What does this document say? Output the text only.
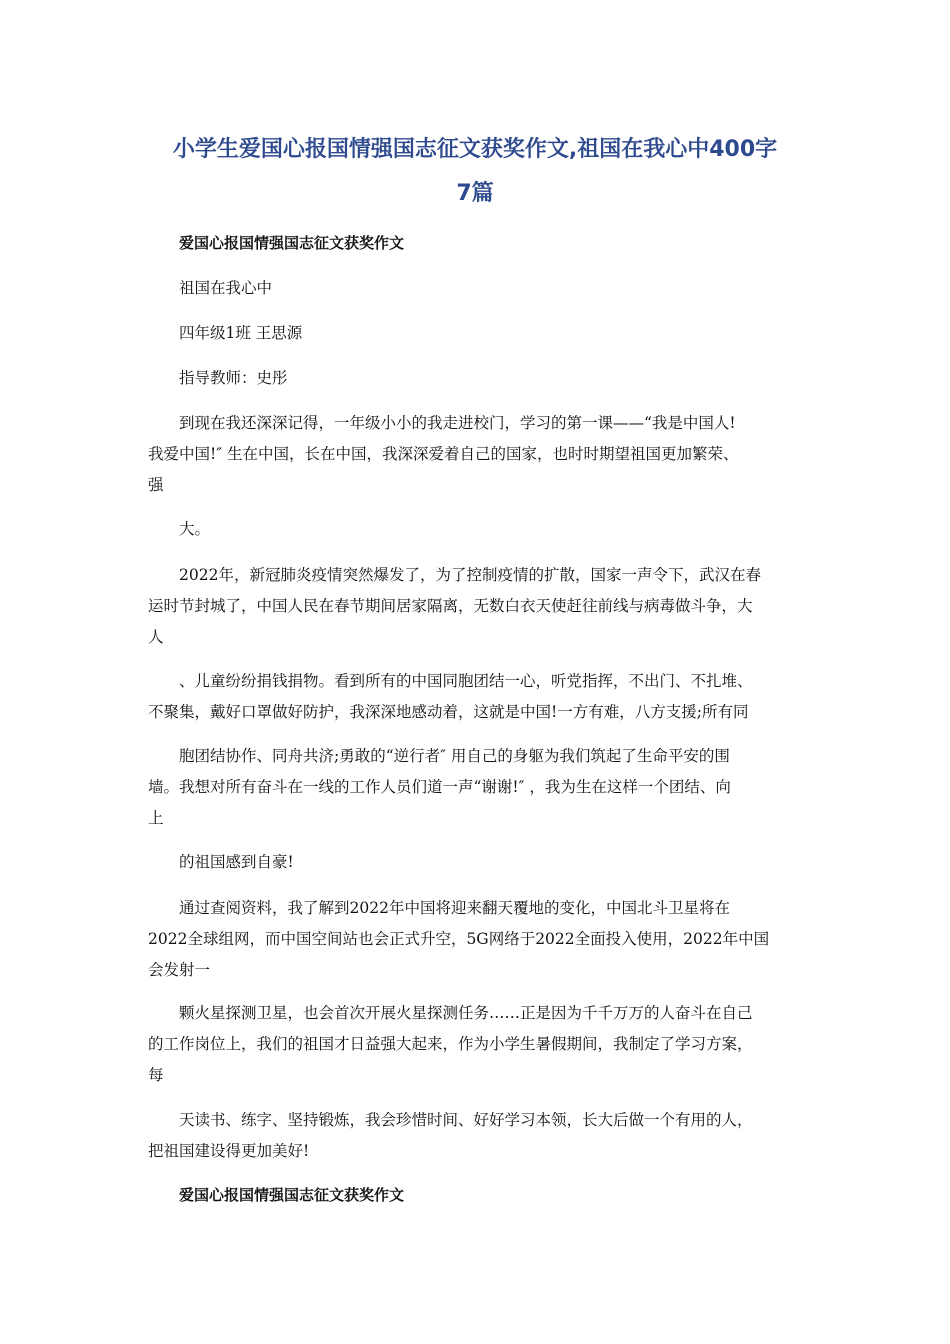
小学生爱国心报国情强国志征文获奖作文,祖国在我心中400字
7篇
爱国心报国情强国志征文获奖作文
祖国在我心中
四年级1班 王思源
指导教师：史彤
到现在我还深深记得，一年级小小的我走进校门，学习的第一课——“我是中国人!
我爱中国!″ 生在中国，长在中国，我深深爱着自己的国家，也时时期望祖国更加繁荣、
强
大。
2022年，新冠肺炎疫情突然爆发了，为了控制疫情的扩散，国家一声令下，武汉在春
运时节封城了，中国人民在春节期间居家隔离，无数白衣天使赶往前线与病毒做斗争，大
人
、儿童纷纷捐钱捐物。看到所有的中国同胞团结一心，听党指挥，不出门、不扎堆、
不聚集，戴好口罩做好防护，我深深地感动着，这就是中国!一方有难，八方支援;所有同
胞团结协作、同舟共济;勇敢的“逆行者″ 用自己的身躯为我们筑起了生命平安的围
墙。我想对所有奋斗在一线的工作人员们道一声“谢谢!″ ，我为生在这样一个团结、向
上
的祖国感到自豪!
通过查阅资料，我了解到2022年中国将迎来翻天覆地的变化，中国北斗卫星将在
2022全球组网，而中国空间站也会正式升空，5G网络于2022全面投入使用，2022年中国
会发射一
颗火星探测卫星，也会首次开展火星探测任务……正是因为千千万万的人奋斗在自己
的工作岗位上，我们的祖国才日益强大起来，作为小学生暑假期间，我制定了学习方案，
每
天读书、练字、坚持锻炼，我会珍惜时间、好好学习本领，长大后做一个有用的人，
把祖国建设得更加美好!
爱国心报国情强国志征文获奖作文
